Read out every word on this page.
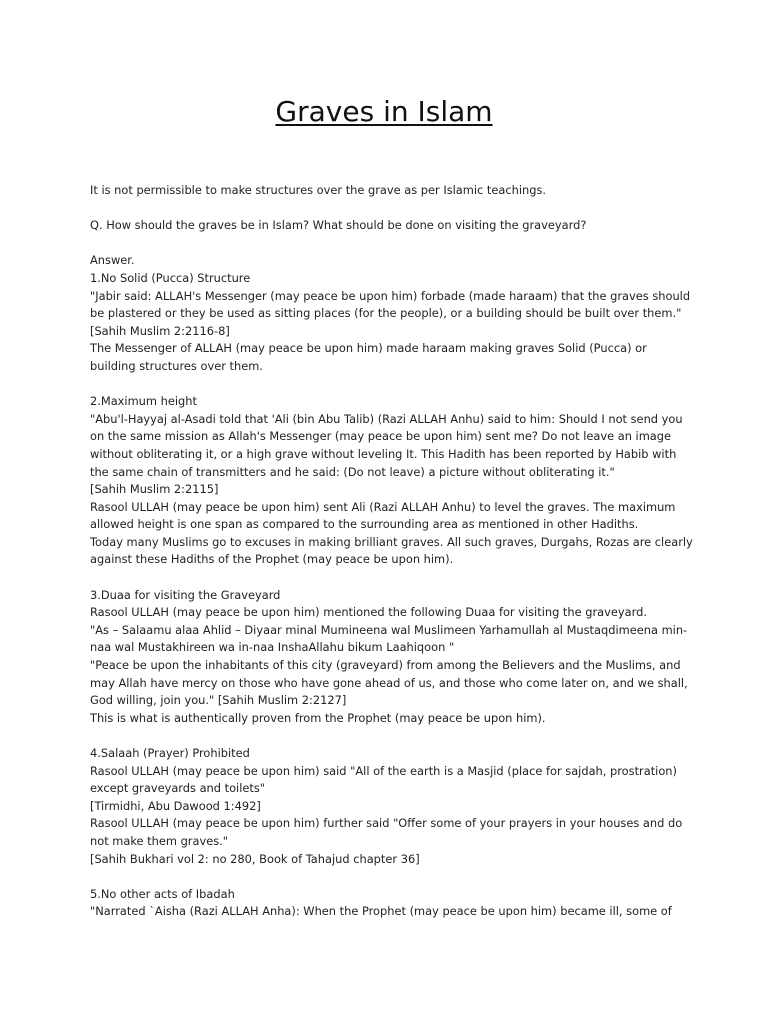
Graves in Islam

It is not permissible to make structures over the grave as per Islamic teachings.

Q. How should the graves be in Islam? What should be done on visiting the graveyard?

Answer.
1.No Solid (Pucca) Structure
"Jabir said: ALLAH's Messenger (may peace be upon him) forbade (made haraam) that the graves should
be plastered or they be used as sitting places (for the people), or a building should be built over them."
[Sahih Muslim 2:2116-8]
The Messenger of ALLAH (may peace be upon him) made haraam making graves Solid (Pucca) or
building structures over them.
2.Maximum height
"Abu'l-Hayyaj al-Asadi told that 'Ali (bin Abu Talib) (Razi ALLAH Anhu) said to him: Should I not send you
on the same mission as Allah's Messenger (may peace be upon him) sent me? Do not leave an image
without obliterating it, or a high grave without leveling It. This Hadith has been reported by Habib with
the same chain of transmitters and he said: (Do not leave) a picture without obliterating it."
[Sahih Muslim 2:2115]
Rasool ULLAH (may peace be upon him) sent Ali (Razi ALLAH Anhu) to level the graves. The maximum
allowed height is one span as compared to the surrounding area as mentioned in other Hadiths.
Today many Muslims go to excuses in making brilliant graves. All such graves, Durgahs, Rozas are clearly
against these Hadiths of the Prophet (may peace be upon him).
3.Duaa for visiting the Graveyard
Rasool ULLAH (may peace be upon him) mentioned the following Duaa for visiting the graveyard.
"As – Salaamu alaa Ahlid – Diyaar minal Mumineena wal Muslimeen Yarhamullah al Mustaqdimeena min-
naa wal Mustakhireen wa in-naa InshaAllahu bikum Laahiqoon "
"Peace be upon the inhabitants of this city (graveyard) from among the Believers and the Muslims, and
may Allah have mercy on those who have gone ahead of us, and those who come later on, and we shall,
God willing, join you." [Sahih Muslim 2:2127]
This is what is authentically proven from the Prophet (may peace be upon him).
4.Salaah (Prayer) Prohibited
Rasool ULLAH (may peace be upon him) said "All of the earth is a Masjid (place for sajdah, prostration)
except graveyards and toilets"
[Tirmidhi, Abu Dawood 1:492]
Rasool ULLAH (may peace be upon him) further said "Offer some of your prayers in your houses and do
not make them graves."
[Sahih Bukhari vol 2: no 280, Book of Tahajud chapter 36]
5.No other acts of Ibadah
"Narrated `Aisha (Razi ALLAH Anha): When the Prophet (may peace be upon him) became ill, some of
